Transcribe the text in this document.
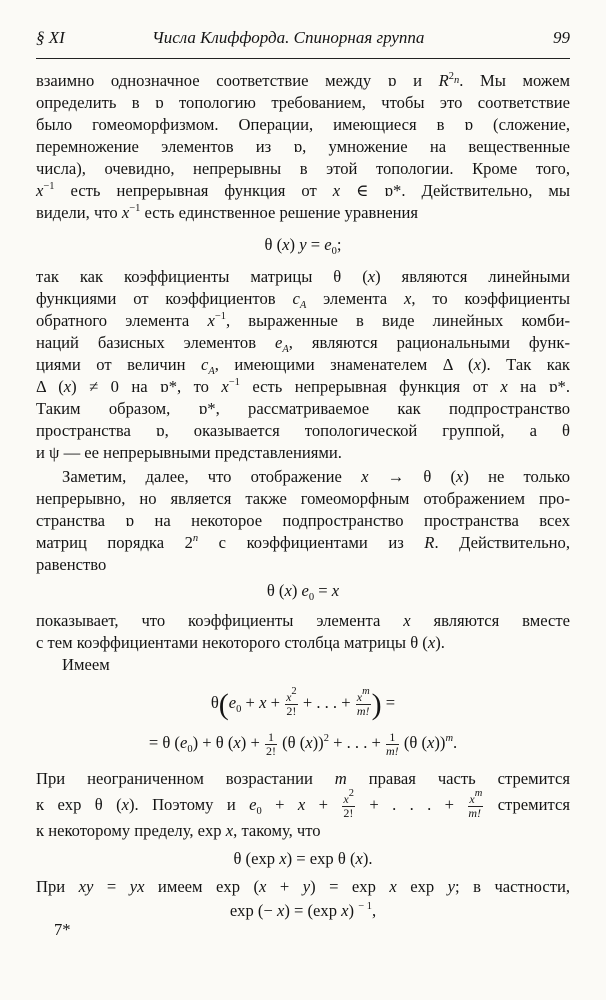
§ XI	Числа Клиффорда. Спинорная группа	99
взаимно однозначное соответствие между ɒ и $R^{2_n}$. Мы можем
определить в ɒ топологию требованием, чтобы это соответствие
было гомеоморфизмом. Операции, имеющиеся в ɒ (сложение,
перемножение элементов из ɒ, умножение на вещественные
числа), очевидно, непрерывны в этой топологии. Кроме того,
$x^{-1}$ есть непрерывная функция от x ∈ ɒ*. Действительно, мы
видели, что $x^{-1}$ есть единственное решение уравнения
θ (x) $y = e_0$;
так как коэффициенты матрицы θ (x) являются линейными
функциями от коэффициентов $c_A$ элемента x, то коэффициенты
обратного элемента $x^{-1}$, выраженные в виде линейных комби-
наций базисных элементов $e_A$, являются рациональными функ-
циями от величин $c_A$, имеющими знаменателем Δ (x). Так как
Δ (x) ≠ 0 на ɒ*, то $x^{-1}$ есть непрерывная функция от x на ɒ*.
Таким образом, ɒ*, рассматриваемое как подпространство
пространства ɒ, оказывается топологической группой, а θ
и ψ — ее непрерывными представлениями.
Заметим, далее, что отображение x → θ (x) не только
непрерывно, но является также гомеоморфным отображением про-
странства ɒ на некоторое подпространство пространства всех
матриц порядка 2$^n$ с коэффициентами из R. Действительно,
равенство
θ (x) $e_0 = x$
показывает, что коэффициенты элемента x являются вместе
с тем коэффициентами некоторого столбца матрицы θ (x).
Имеем
$\theta(e_0 + x + \frac{x^2}{2!}$ + . . . + $\frac{x^m}{m!}$) =
= θ $(e_0) + \theta$ $(x) + \frac{1}{2!} (\theta$ (x))$^2$ + . . . + $\frac{1}{m!} (\theta$ (x))$^m$.
При неограниченном возрастании m правая часть стремится
к exp θ (x). Поэтому и $e_0 + x + \frac{x^2}{2!}$ + . . . + $\frac{x^m}{m!}$ стремится
к некоторому пределу, exp x, такому, что
θ (exp x) = exp θ (x).
При xy = yx имеем exp (x + y) = exp x exp y; в частности,
exp (− x) = (exp x) $^{- 1}$,
7*
